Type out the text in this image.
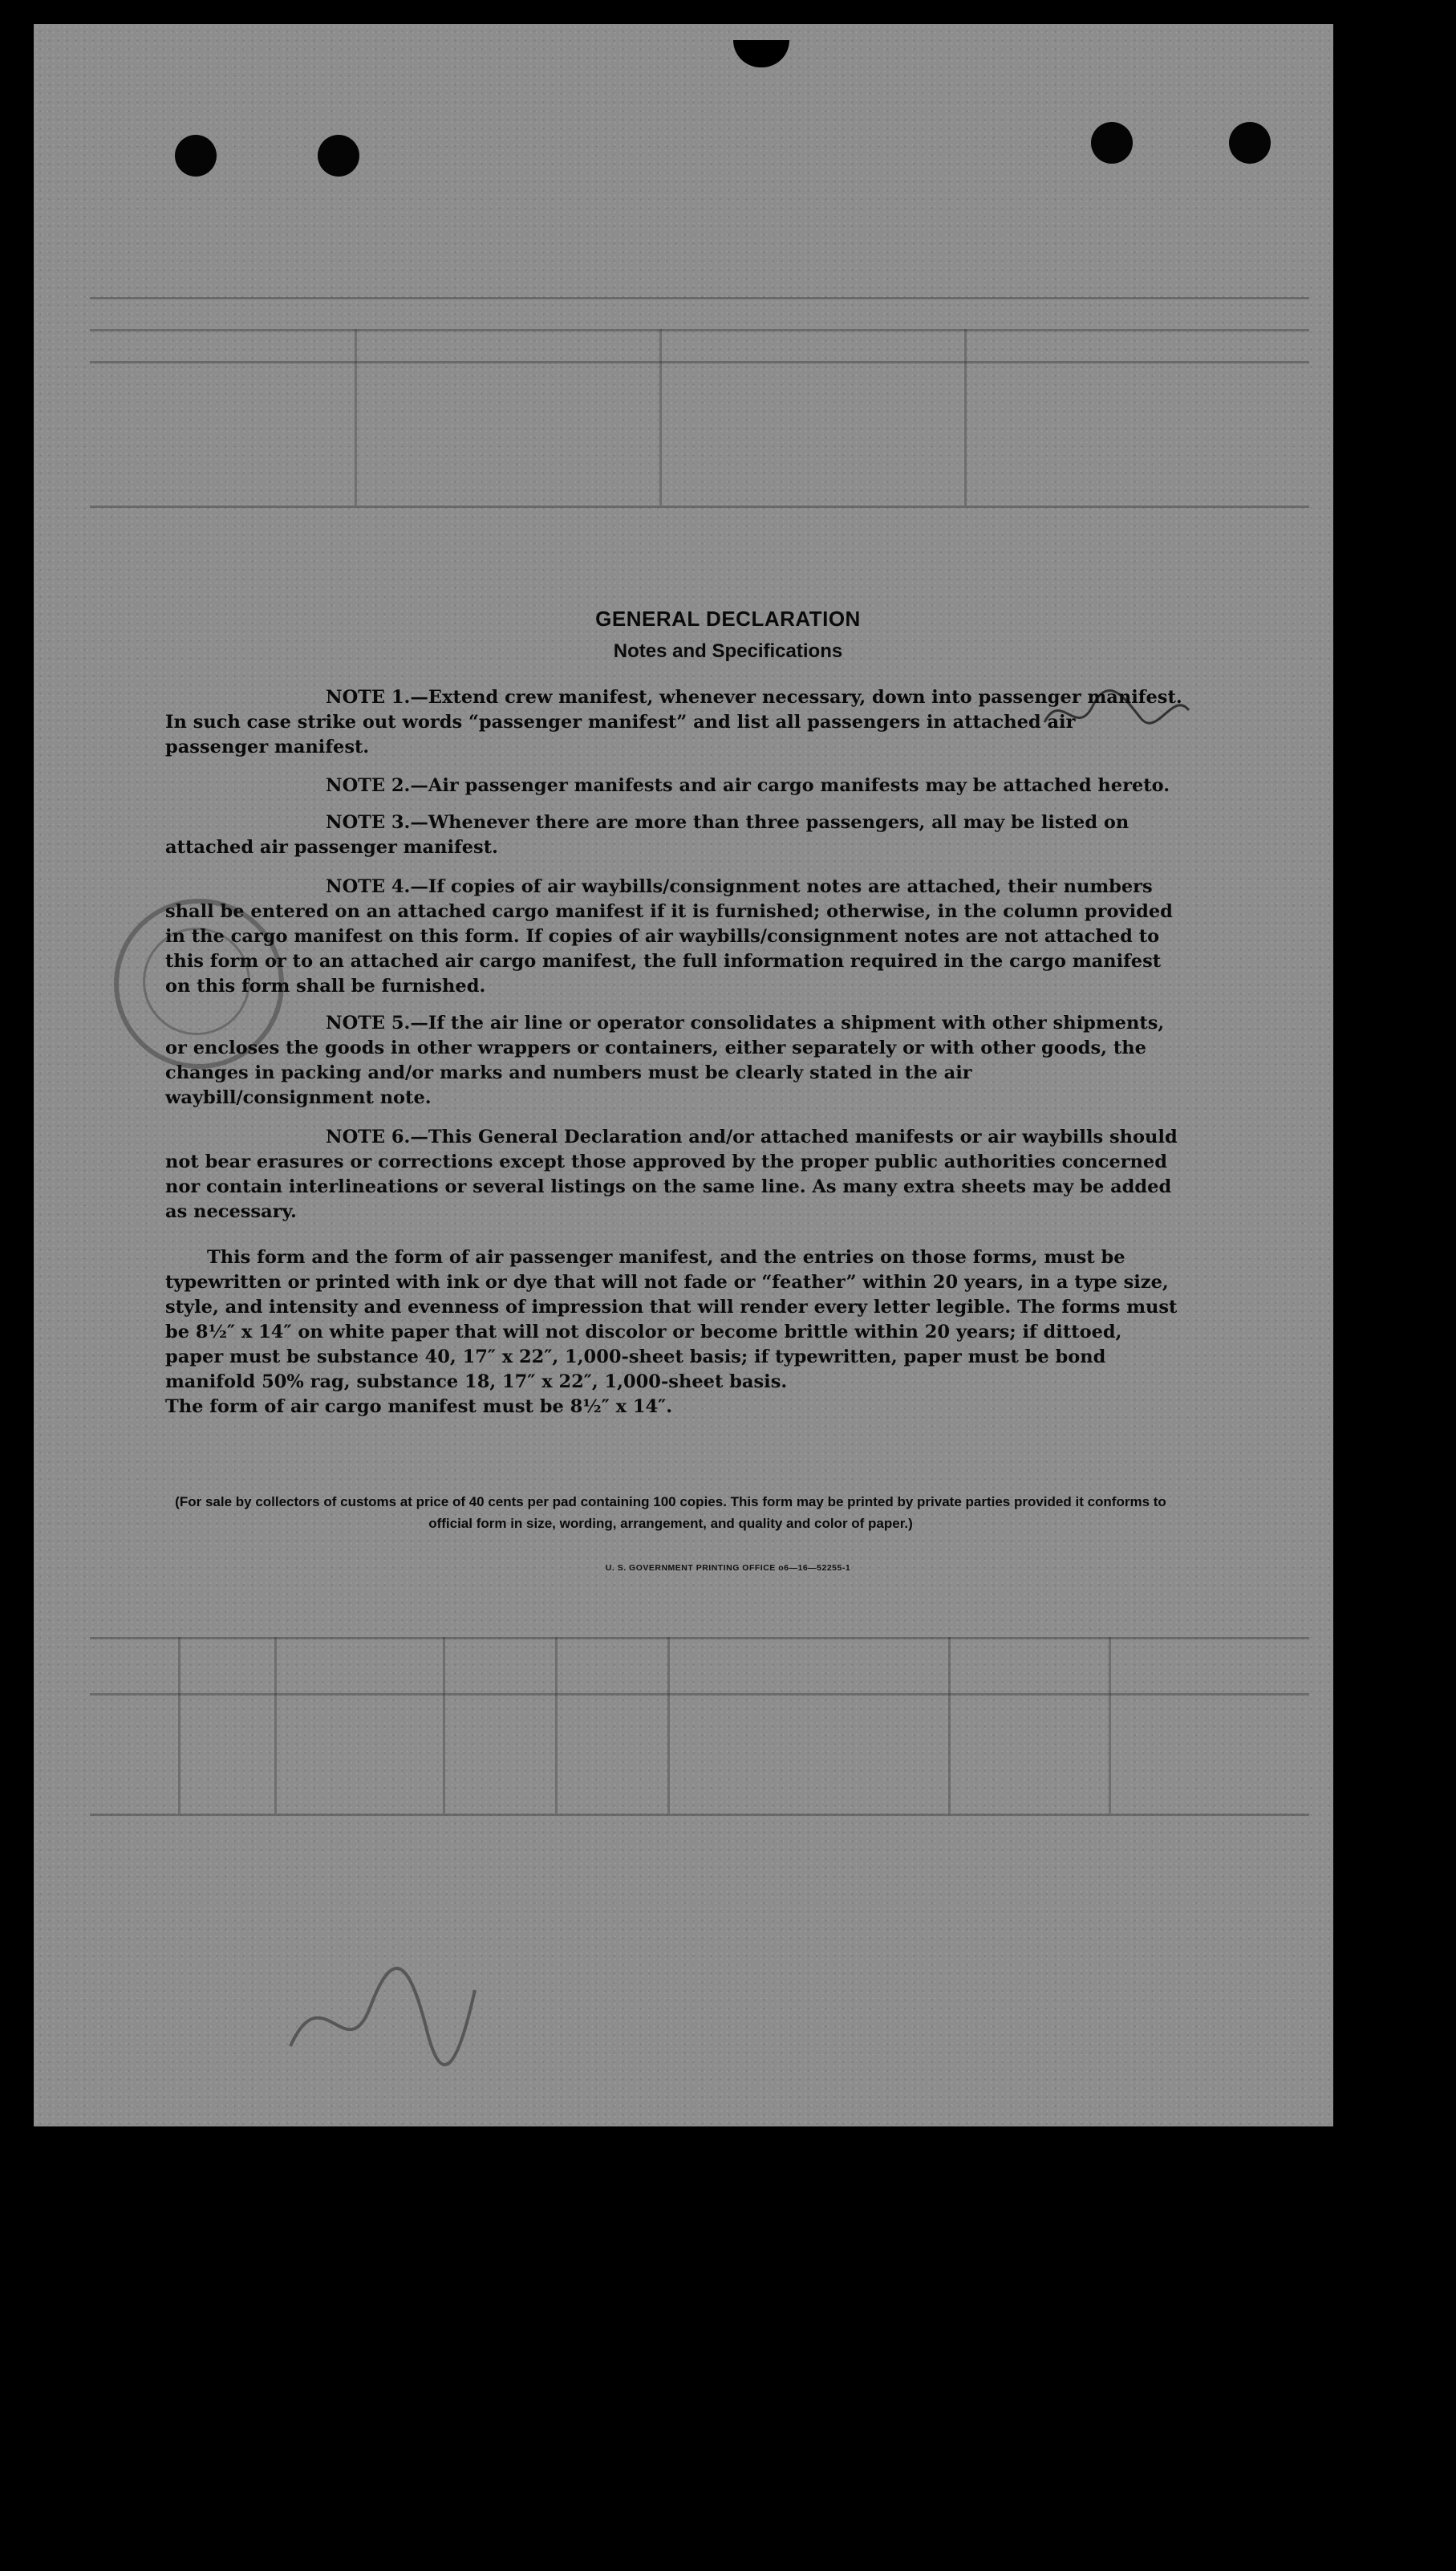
GENERAL DECLARATION
Notes and Specifications
NOTE 1.—Extend crew manifest, whenever necessary, down into passenger manifest. In such case strike out words “passenger manifest” and list all passengers in attached air passenger manifest.
NOTE 2.—Air passenger manifests and air cargo manifests may be attached hereto.
NOTE 3.—Whenever there are more than three passengers, all may be listed on attached air passenger manifest.
NOTE 4.—If copies of air waybills/consignment notes are attached, their numbers shall be entered on an attached cargo manifest if it is furnished; otherwise, in the column provided in the cargo manifest on this form. If copies of air waybills/consignment notes are not attached to this form or to an attached air cargo manifest, the full information required in the cargo manifest on this form shall be furnished.
NOTE 5.—If the air line or operator consolidates a shipment with other shipments, or encloses the goods in other wrappers or containers, either separately or with other goods, the changes in packing and/or marks and numbers must be clearly stated in the air waybill/consignment note.
NOTE 6.—This General Declaration and/or attached manifests or air waybills should not bear erasures or corrections except those approved by the proper public authorities concerned nor contain interlineations or several listings on the same line. As many extra sheets may be added as necessary.
This form and the form of air passenger manifest, and the entries on those forms, must be typewritten or printed with ink or dye that will not fade or “feather” within 20 years, in a type size, style, and intensity and evenness of impression that will render every letter legible. The forms must be 8½″ x 14″ on white paper that will not discolor or become brittle within 20 years; if dittoed, paper must be substance 40, 17″ x 22″, 1,000-sheet basis; if typewritten, paper must be bond manifold 50% rag, substance 18, 17″ x 22″, 1,000-sheet basis.
The form of air cargo manifest must be 8½″ x 14″.
(For sale by collectors of customs at price of 40 cents per pad containing 100 copies. This form may be printed by private parties provided it conforms to official form in size, wording, arrangement, and quality and color of paper.)
U. S. GOVERNMENT PRINTING OFFICE o6—16—52255-1
